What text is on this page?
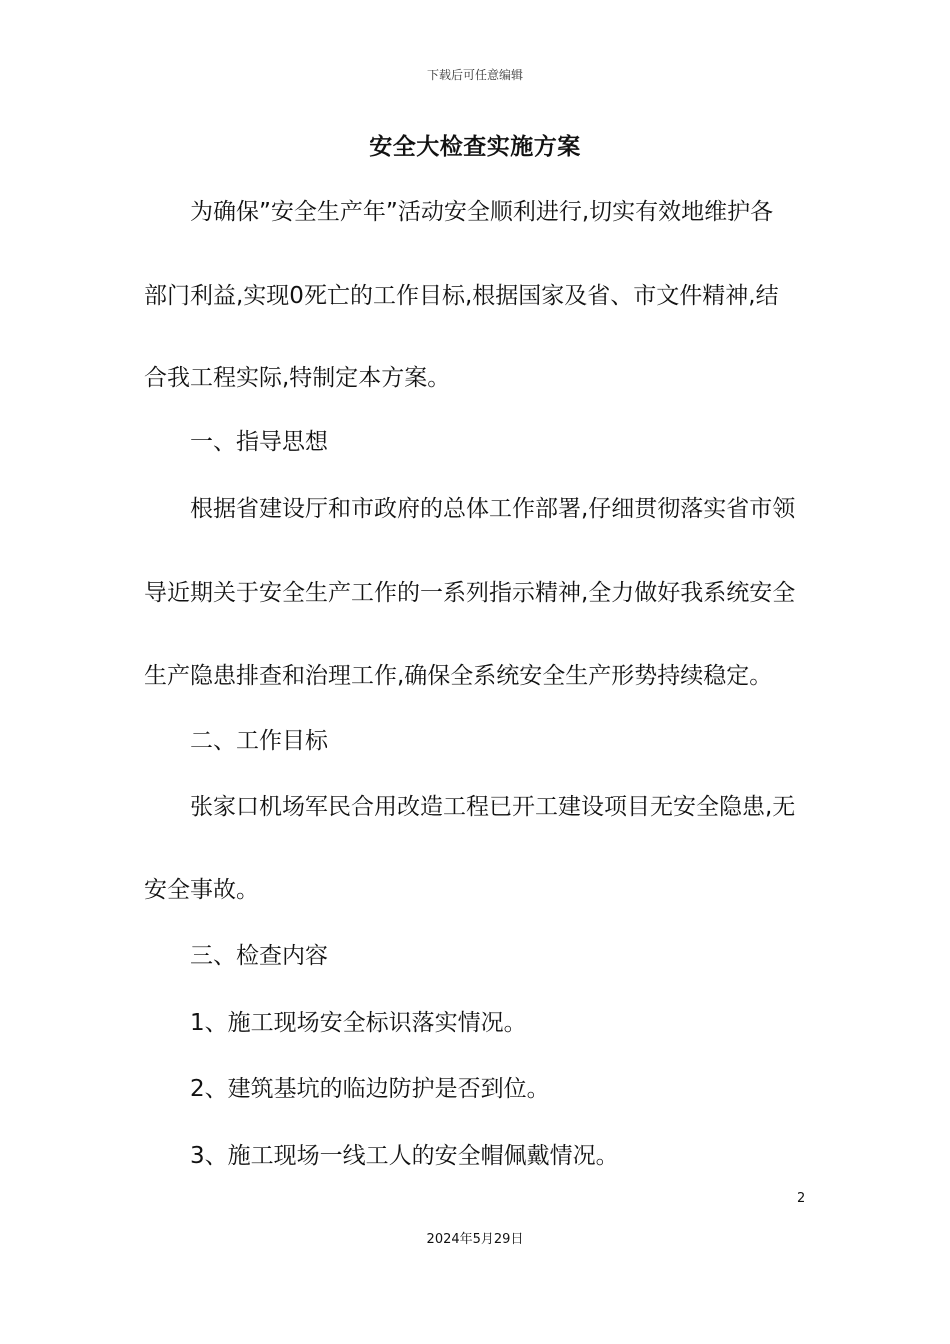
下载后可任意编辑
安全大检查实施方案
为确保”安全生产年”活动安全顺利进行,切实有效地维护各
部门利益,实现0死亡的工作目标,根据国家及省、市文件精神,结
合我工程实际,特制定本方案。
一、指导思想
根据省建设厅和市政府的总体工作部署,仔细贯彻落实省市领
导近期关于安全生产工作的一系列指示精神,全力做好我系统安全
生产隐患排查和治理工作,确保全系统安全生产形势持续稳定。
二、工作目标
张家口机场军民合用改造工程已开工建设项目无安全隐患,无
安全事故。
三、检查内容
1、施工现场安全标识落实情况。
2、建筑基坑的临边防护是否到位。
3、施工现场一线工人的安全帽佩戴情况。
2
2024年5月29日
